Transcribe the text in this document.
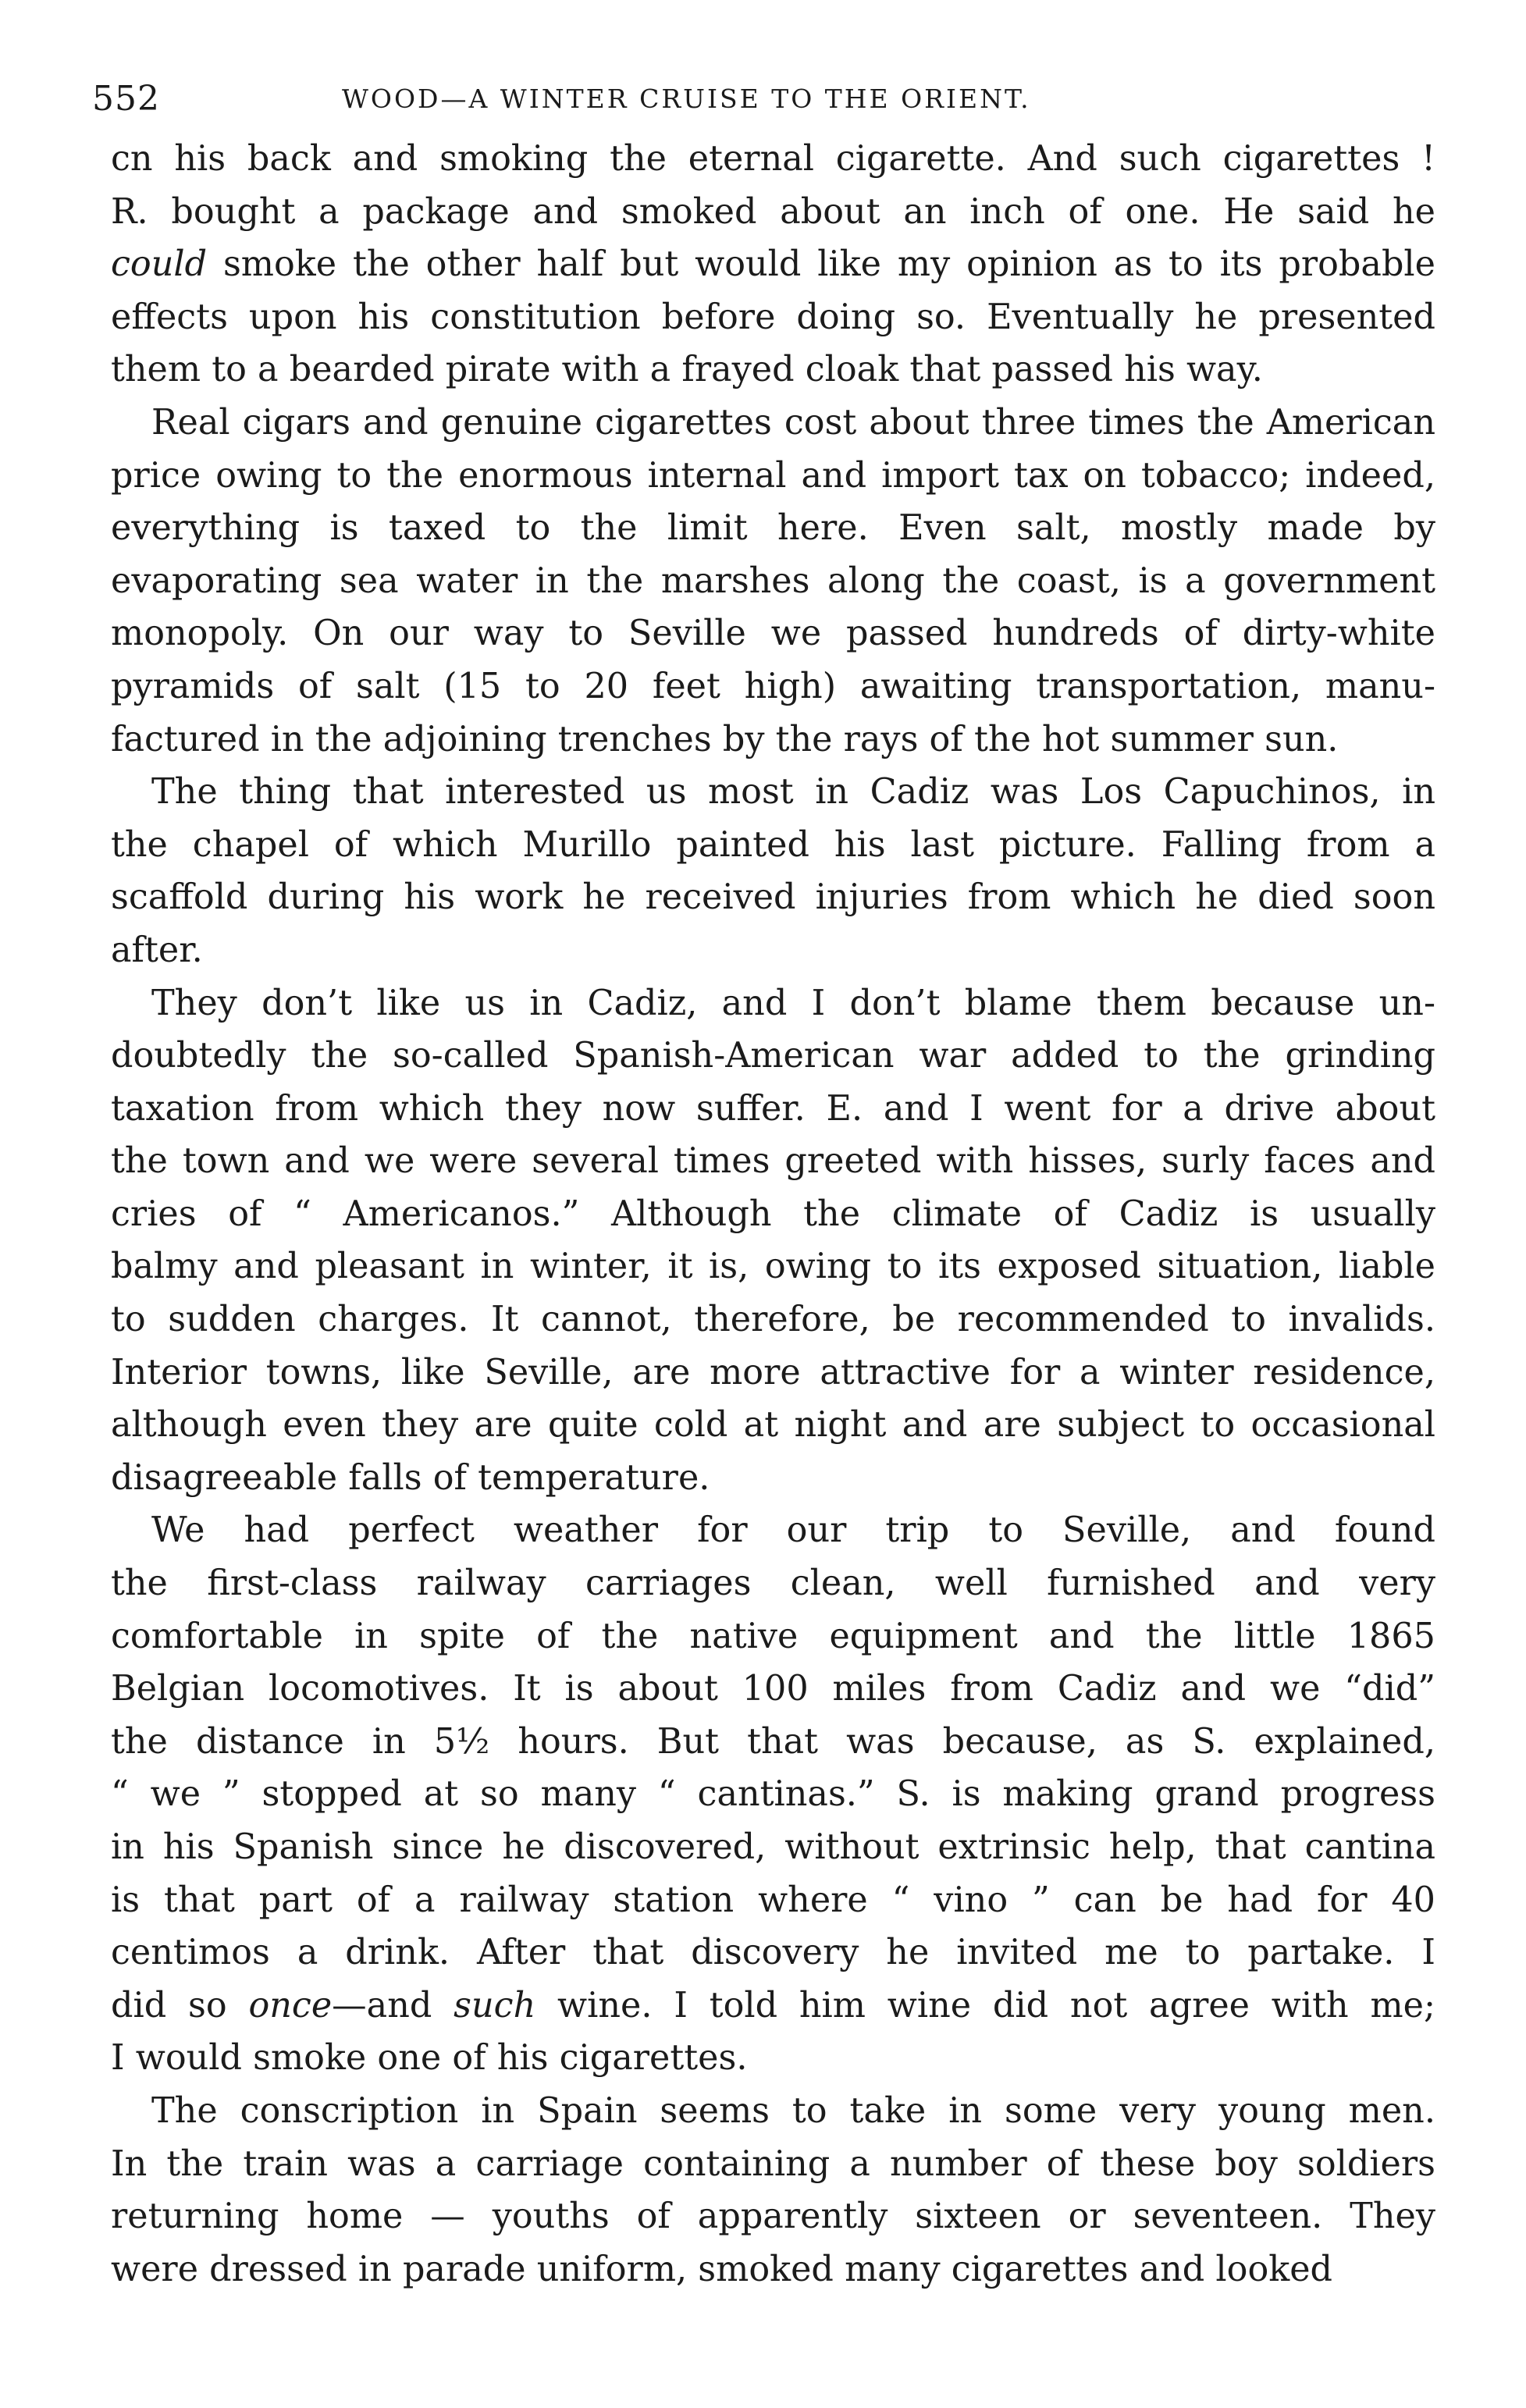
552	WOOD—A WINTER CRUISE TO THE ORIENT.
cn his back and smoking the eternal cigarette. And such cigarettes !
R. bought a package and smoked about an inch of one. He said he
could smoke the other half but would like my opinion as to its probable
effects upon his constitution before doing so. Eventually he presented
them to a bearded pirate with a frayed cloak that passed his way.
Real cigars and genuine cigarettes cost about three times the American
price owing to the enormous internal and import tax on tobacco; indeed,
everything is taxed to the limit here. Even salt, mostly made by
evaporating sea water in the marshes along the coast, is a government
monopoly. On our way to Seville we passed hundreds of dirty-white
pyramids of salt (15 to 20 feet high) awaiting transportation, manu-
factured in the adjoining trenches by the rays of the hot summer sun.
The thing that interested us most in Cadiz was Los Capuchinos, in
the chapel of which Murillo painted his last picture. Falling from a
scaffold during his work he received injuries from which he died soon
after.
They don’t like us in Cadiz, and I don’t blame them because un-
doubtedly the so-called Spanish-American war added to the grinding
taxation from which they now suffer. E. and I went for a drive about
the town and we were several times greeted with hisses, surly faces and
cries of “ Americanos.” Although the climate of Cadiz is usually
balmy and pleasant in winter, it is, owing to its exposed situation, liable
to sudden charges. It cannot, therefore, be recommended to invalids.
Interior towns, like Seville, are more attractive for a winter residence,
although even they are quite cold at night and are subject to occasional
disagreeable falls of temperature.
We had perfect weather for our trip to Seville, and found
the first-class railway carriages clean, well furnished and very
comfortable in spite of the native equipment and the little 1865
Belgian locomotives. It is about 100 miles from Cadiz and we “did”
the distance in 5½ hours. But that was because, as S. explained,
“ we ” stopped at so many “ cantinas.” S. is making grand progress
in his Spanish since he discovered, without extrinsic help, that cantina
is that part of a railway station where “ vino ” can be had for 40
centimos a drink. After that discovery he invited me to partake. I
did so once—and such wine. I told him wine did not agree with me;
I would smoke one of his cigarettes.
The conscription in Spain seems to take in some very young men.
In the train was a carriage containing a number of these boy soldiers
returning home — youths of apparently sixteen or seventeen. They
were dressed in parade uniform, smoked many cigarettes and looked
